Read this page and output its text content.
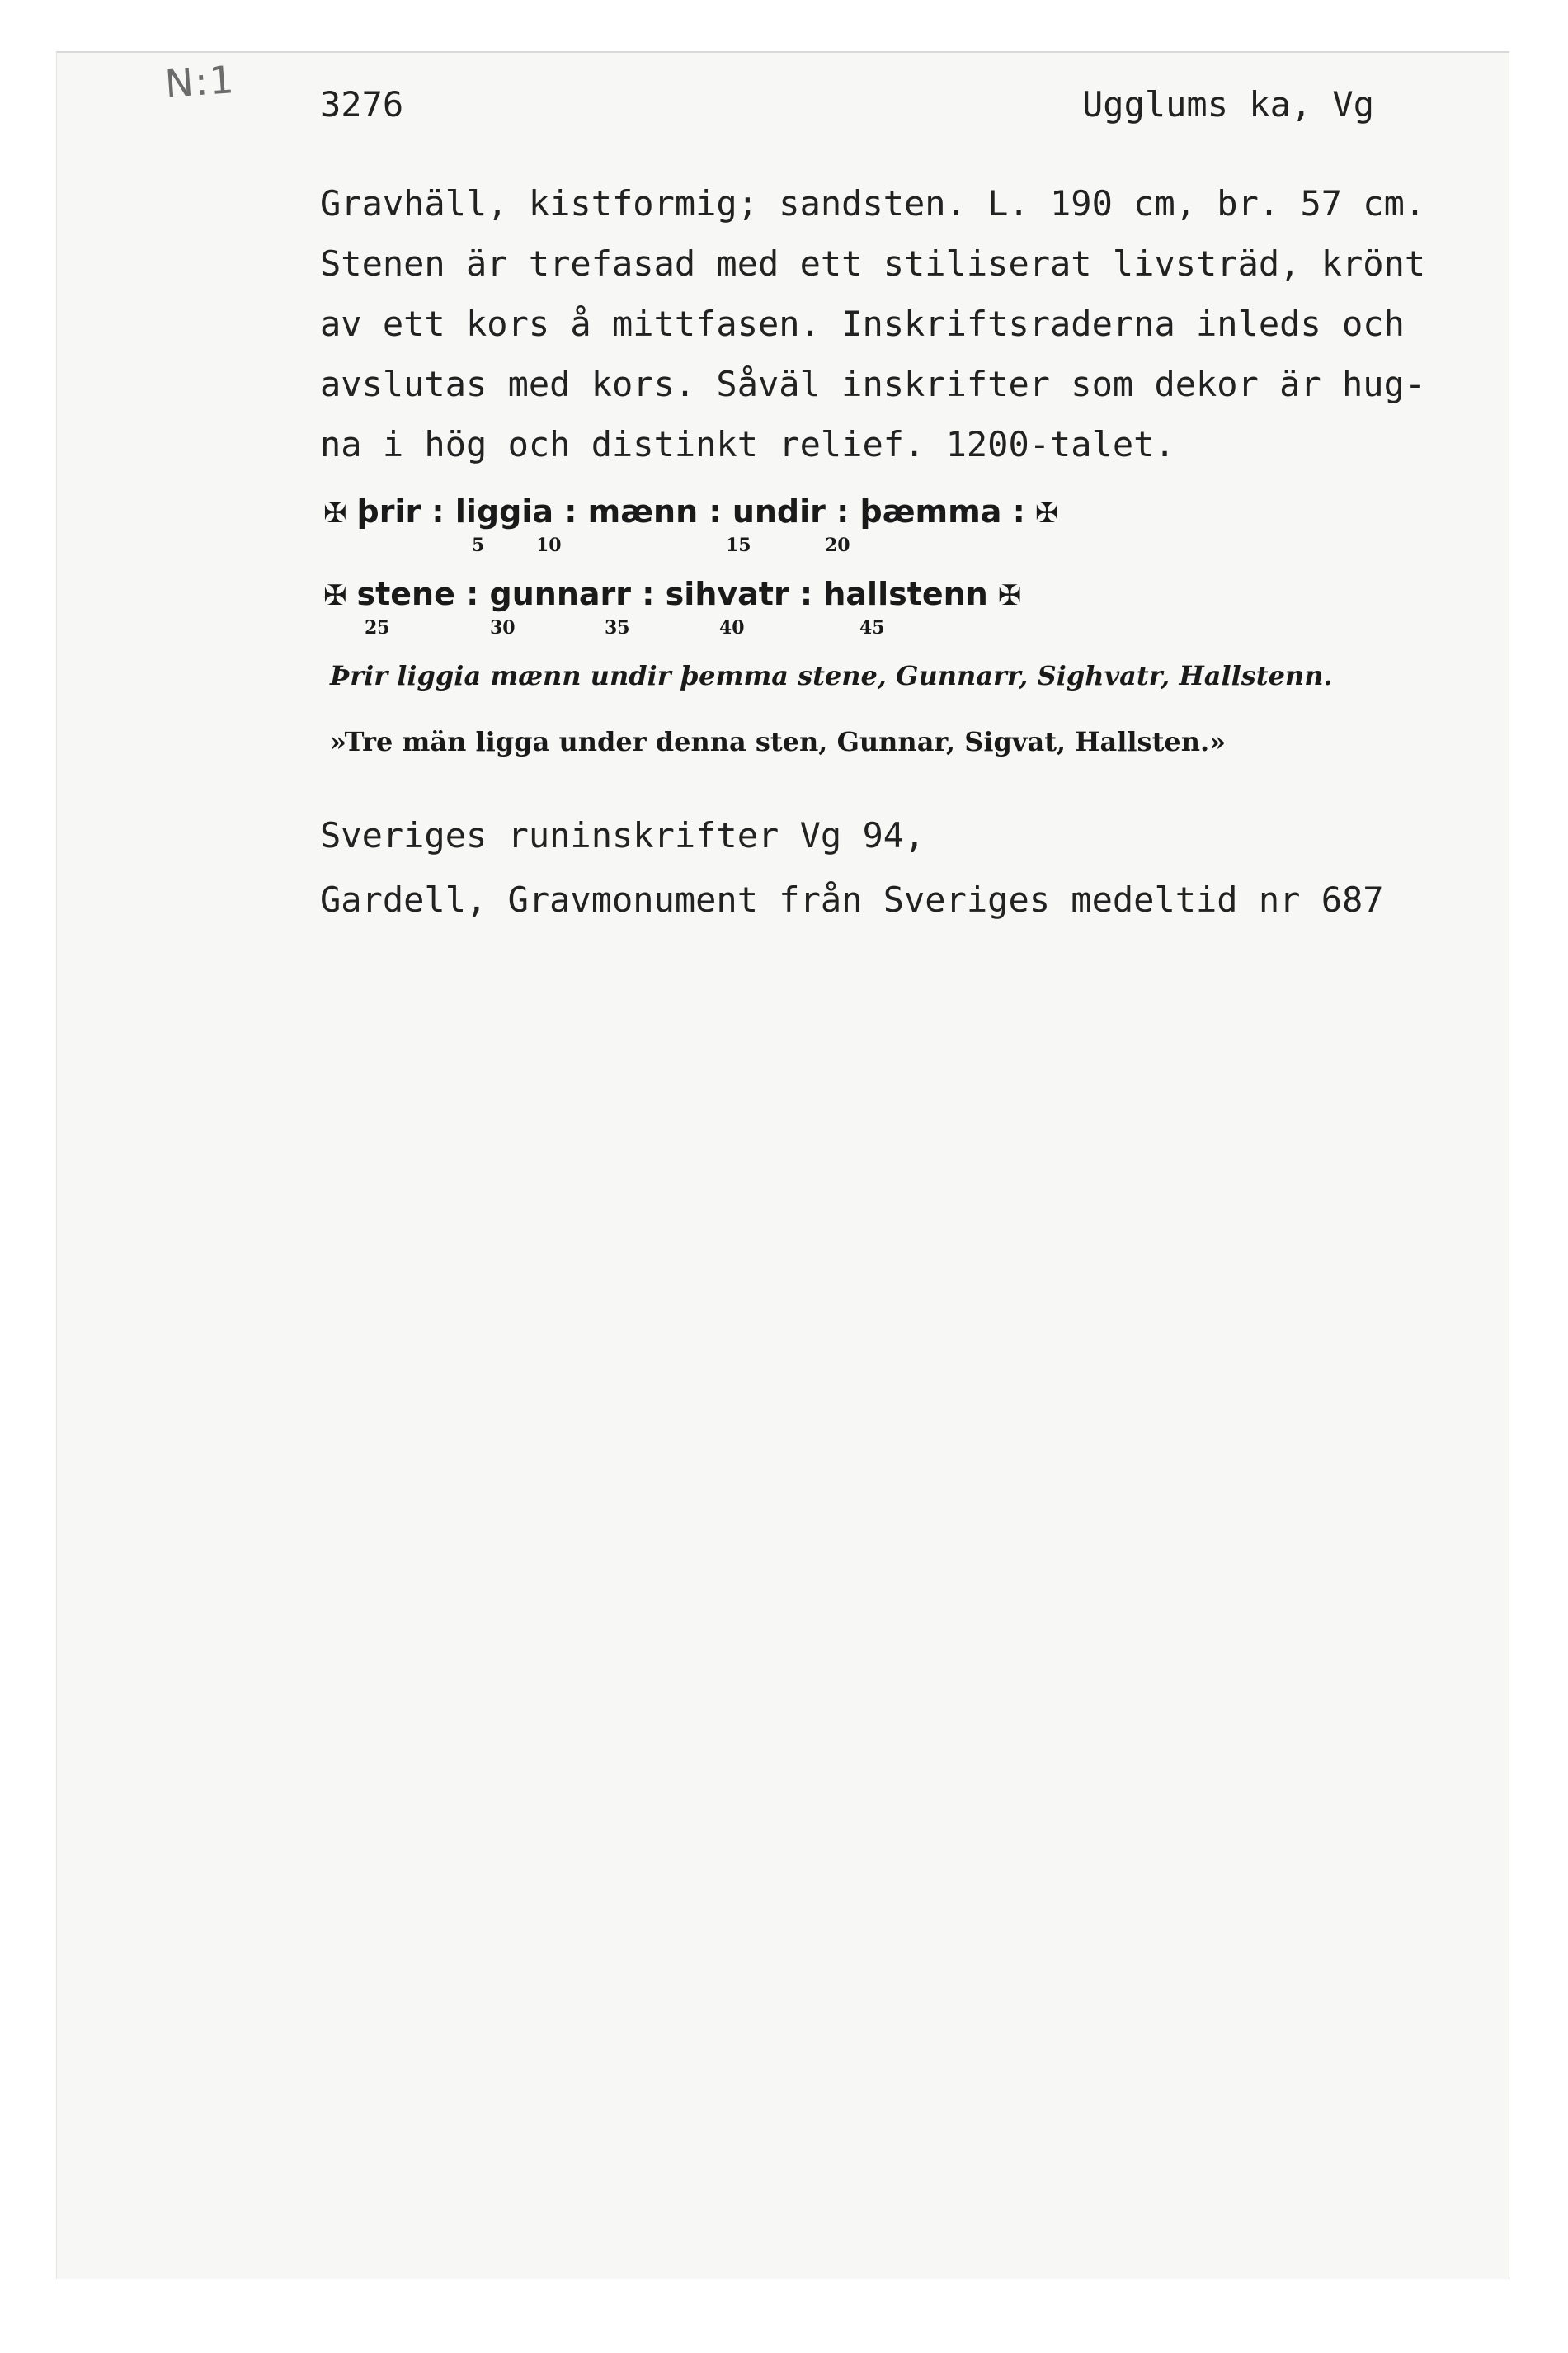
N:1 3276	Ugglums ka, Vg
Gravhäll, kistformig; sandsten. L. 190 cm, br. 57 cm.
Stenen är trefasad med ett stiliserat livsträd, krönt
av ett kors å mittfasen. Inskriftsraderna inleds och
avslutas med kors. Såväl inskrifter som dekor är hug-
na i hög och distinkt relief. 1200-talet.
✠ þrir : liggia : mænn : undir : þæmma : ✠
5	10	15	20
✠ stene : gunnarr : sihvatr : hallstenn ✠
25	30	35	40	45
Þrir liggia mænn undir þemma stene, Gunnarr, Sighvatr, Hallstenn.
»Tre män ligga under denna sten, Gunnar, Sigvat, Hallsten.»
Sveriges runinskrifter Vg 94,
Gardell, Gravmonument från Sveriges medeltid nr 687
